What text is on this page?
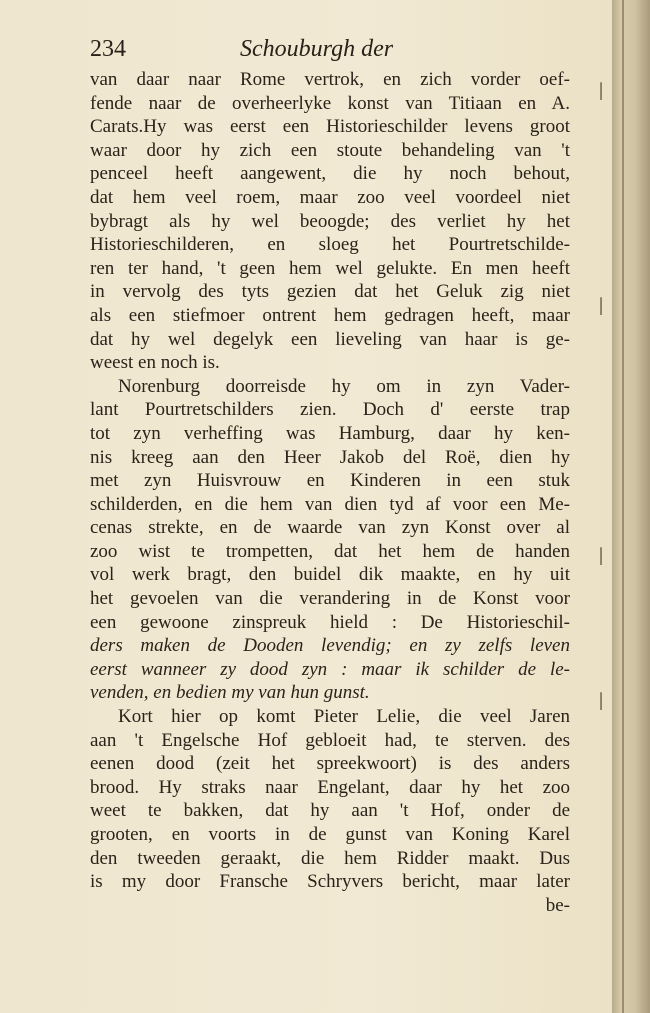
|
|
|
|
234	Schouburgh der
van daar naar Rome vertrok, en zich vorder oef-
fende naar de overheerlyke konst van Titiaan en A.
Carats.Hy was eerst een Historieschilder levens groot
waar door hy zich een stoute behandeling van 't
penceel heeft aangewent, die hy noch behout,
dat hem veel roem, maar zoo veel voordeel niet
bybragt als hy wel beoogde; des verliet hy het
Historieschilderen, en sloeg het Pourtretschilde-
ren ter hand, 't geen hem wel gelukte. En men heeft
in vervolg des tyts gezien dat het Geluk zig niet
als een stiefmoer ontrent hem gedragen heeft, maar
dat hy wel degelyk een lieveling van haar is ge-
weest en noch is.
Norenburg doorreisde hy om in zyn Vader-
lant Pourtretschilders zien. Doch d' eerste trap
tot zyn verheffing was Hamburg, daar hy ken-
nis kreeg aan den Heer Jakob del Roë, dien hy
met zyn Huisvrouw en Kinderen in een stuk
schilderden, en die hem van dien tyd af voor een Me-
cenas strekte, en de waarde van zyn Konst over al
zoo wist te trompetten, dat het hem de handen
vol werk bragt, den buidel dik maakte, en hy uit
het gevoelen van die verandering in de Konst voor
een gewoone zinspreuk hield : De Historieschil-
ders maken de Dooden levendig; en zy zelfs leven
eerst wanneer zy dood zyn : maar ik schilder de le-
venden, en bedien my van hun gunst.
Kort hier op komt Pieter Lelie, die veel Jaren
aan 't Engelsche Hof gebloeit had, te sterven. des
eenen dood (zeit het spreekwoort) is des anders
brood. Hy straks naar Engelant, daar hy het zoo
weet te bakken, dat hy aan 't Hof, onder de
grooten, en voorts in de gunst van Koning Karel
den tweeden geraakt, die hem Ridder maakt. Dus
is my door Fransche Schryvers bericht, maar later
be-
